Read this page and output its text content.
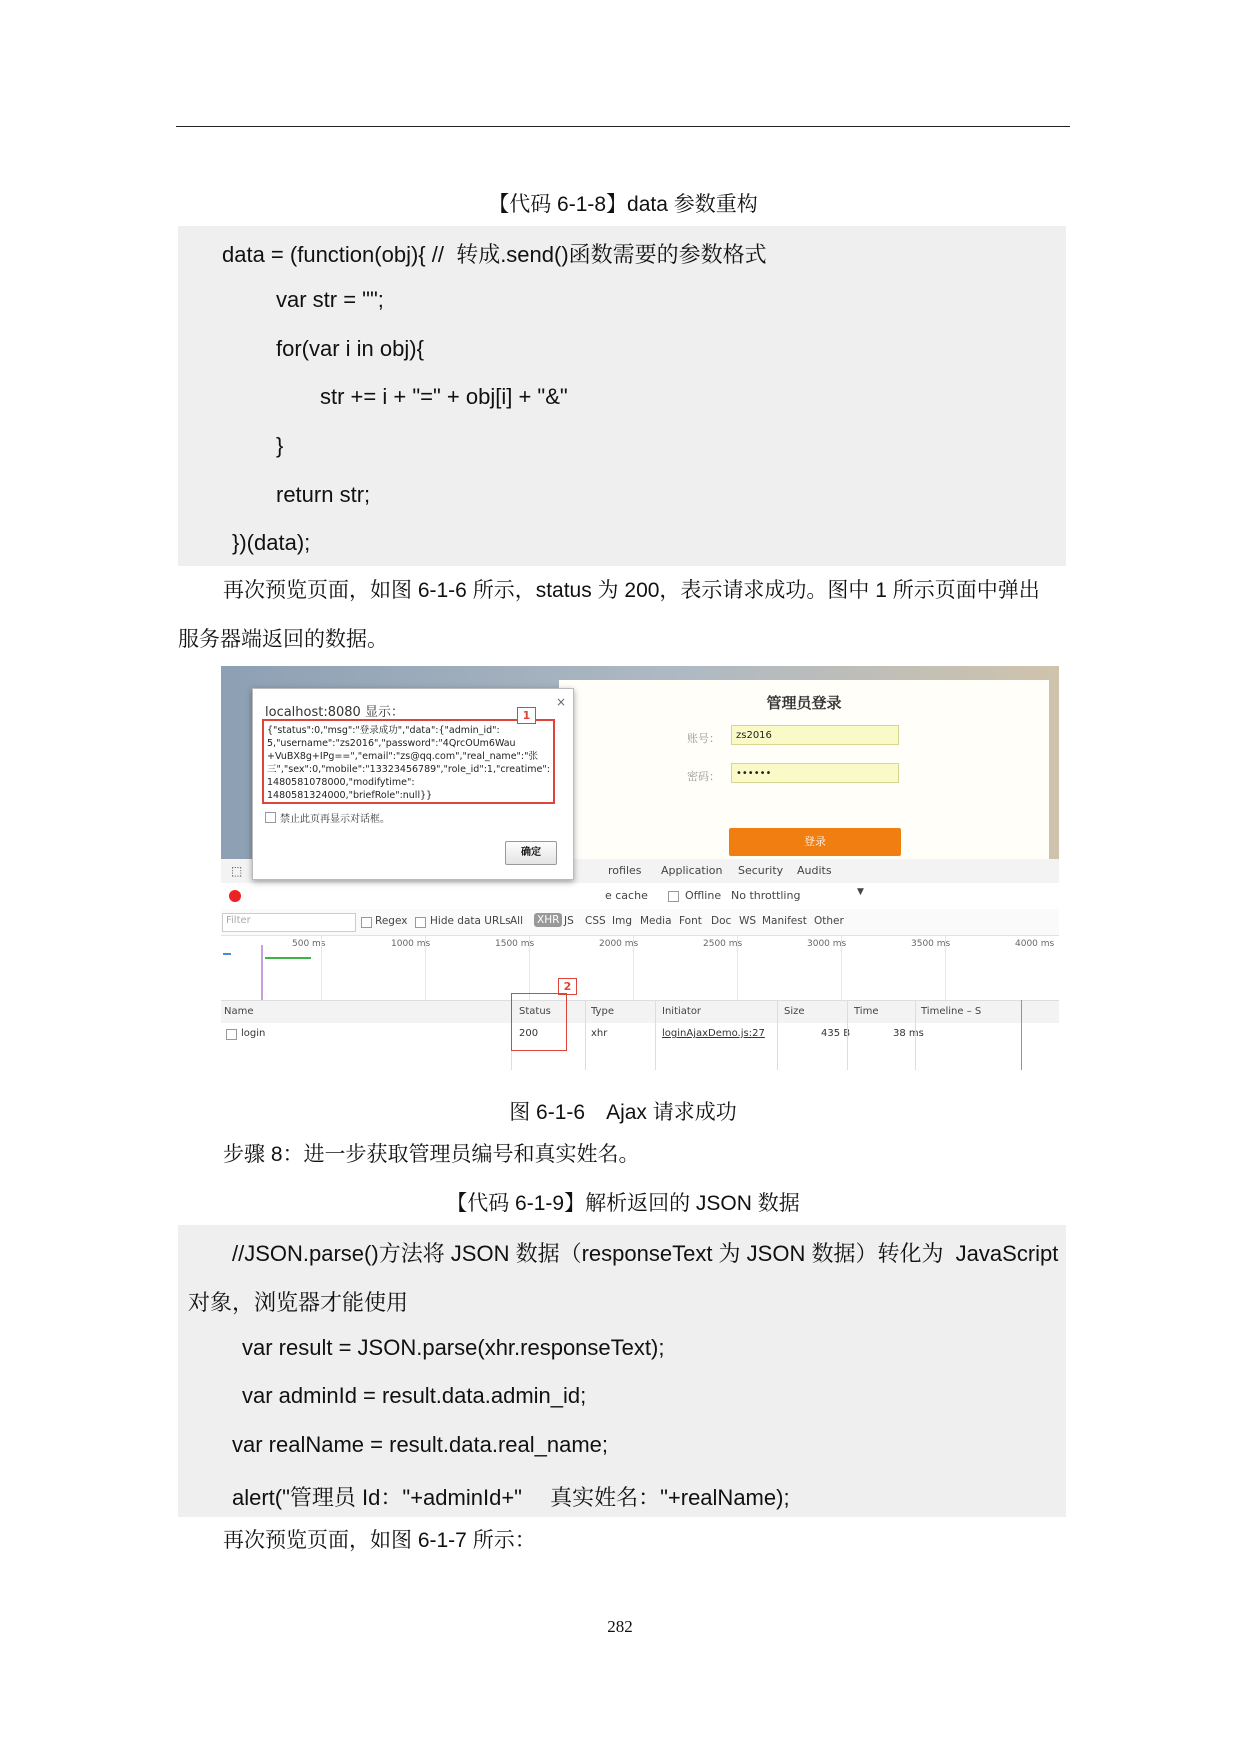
【代码 6-1-8】data 参数重构
data = (function(obj){ //  转成.send()函数需要的参数格式
var str = "";
for(var i in obj){
str += i + "=" + obj[i] + "&"
}
return str;
})(data);

再次预览页面，如图 6-1-6 所示，status 为 200，表示请求成功。图中 1 所示页面中弹出

服务器端返回的数据。

管理员登录
账号：	zs2016
密码：	••••••
登录
⬚	rofiles Application Security Audits
e cache	Offline No throttling	▼
Filter	Regex Hide data URLs All XHR JS CSS Img Media Font Doc WS Manifest Other
500 ms	1000 ms	1500 ms	2000 ms	2500 ms	3000 ms	3500 ms	4000 ms
2
Name	Status	Type	Initiator	Size	Time	Timeline – S
login	200	xhr	loginAjaxDemo.js:27	435 B	38 ms
localhost:8080 显示：
×
{"status":0,"msg":"登录成功","data":{"admin_id":
5,"username":"zs2016","password":"4QrcOUm6Wau
+VuBX8g+IPg==","email":"zs@qq.com","real_name":"张
三","sex":0,"mobile":"13323456789","role_id":1,"creatime":
1480581078000,"modifytime":
1480581324000,"briefRole":null}}
1
禁止此页再显示对话框。
确定
图 6-1-6　Ajax 请求成功

步骤 8：进一步获取管理员编号和真实姓名。

【代码 6-1-9】解析返回的 JSON 数据
//JSON.parse()方法将 JSON 数据（responseText 为 JSON 数据）转化为  JavaScript
对象，浏览器才能使用
var result = JSON.parse(xhr.responseText);
var adminId = result.data.admin_id;
var realName = result.data.real_name;
alert("管理员 Id："+adminId+"　 真实姓名："+realName);

再次预览页面，如图 6-1-7 所示：

282
